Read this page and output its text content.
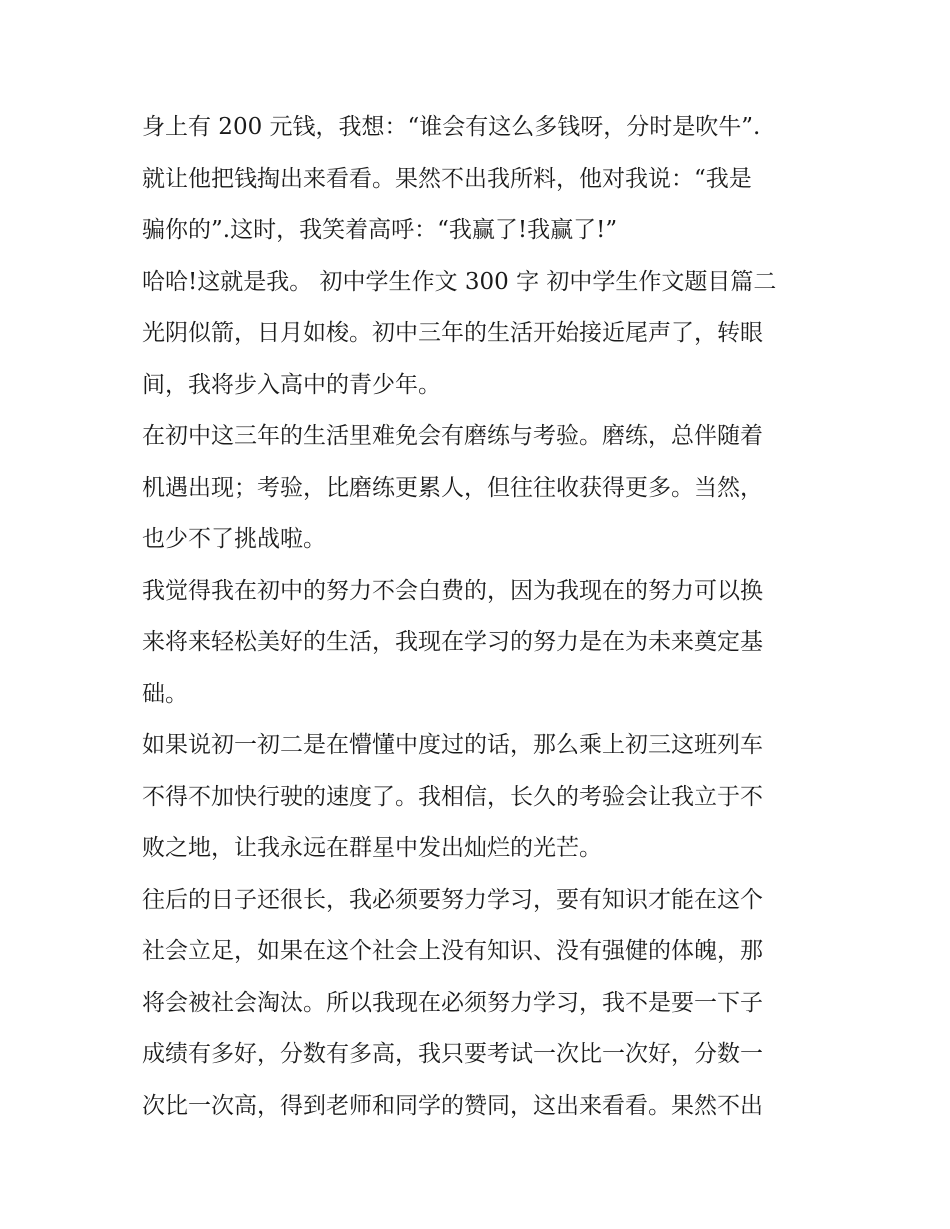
身上有 200 元钱，我想：“谁会有这么多钱呀，分时是吹牛”.
就让他把钱掏出来看看。果然不出我所料，他对我说：“我是
骗你的”.这时，我笑着高呼：“我赢了!我赢了!”
哈哈!这就是我。 初中学生作文 300 字 初中学生作文题目篇二
光阴似箭，日月如梭。初中三年的生活开始接近尾声了，转眼
间，我将步入高中的青少年。
在初中这三年的生活里难免会有磨练与考验。磨练，总伴随着
机遇出现；考验，比磨练更累人，但往往收获得更多。当然，
也少不了挑战啦。
我觉得我在初中的努力不会白费的，因为我现在的努力可以换
来将来轻松美好的生活，我现在学习的努力是在为未来奠定基
础。
如果说初一初二是在懵懂中度过的话，那么乘上初三这班列车
不得不加快行驶的速度了。我相信，长久的考验会让我立于不
败之地，让我永远在群星中发出灿烂的光芒。
往后的日子还很长，我必须要努力学习，要有知识才能在这个
社会立足，如果在这个社会上没有知识、没有强健的体魄，那
将会被社会淘汰。所以我现在必须努力学习，我不是要一下子
成绩有多好，分数有多高，我只要考试一次比一次好，分数一
次比一次高，得到老师和同学的赞同，这出来看看。果然不出
